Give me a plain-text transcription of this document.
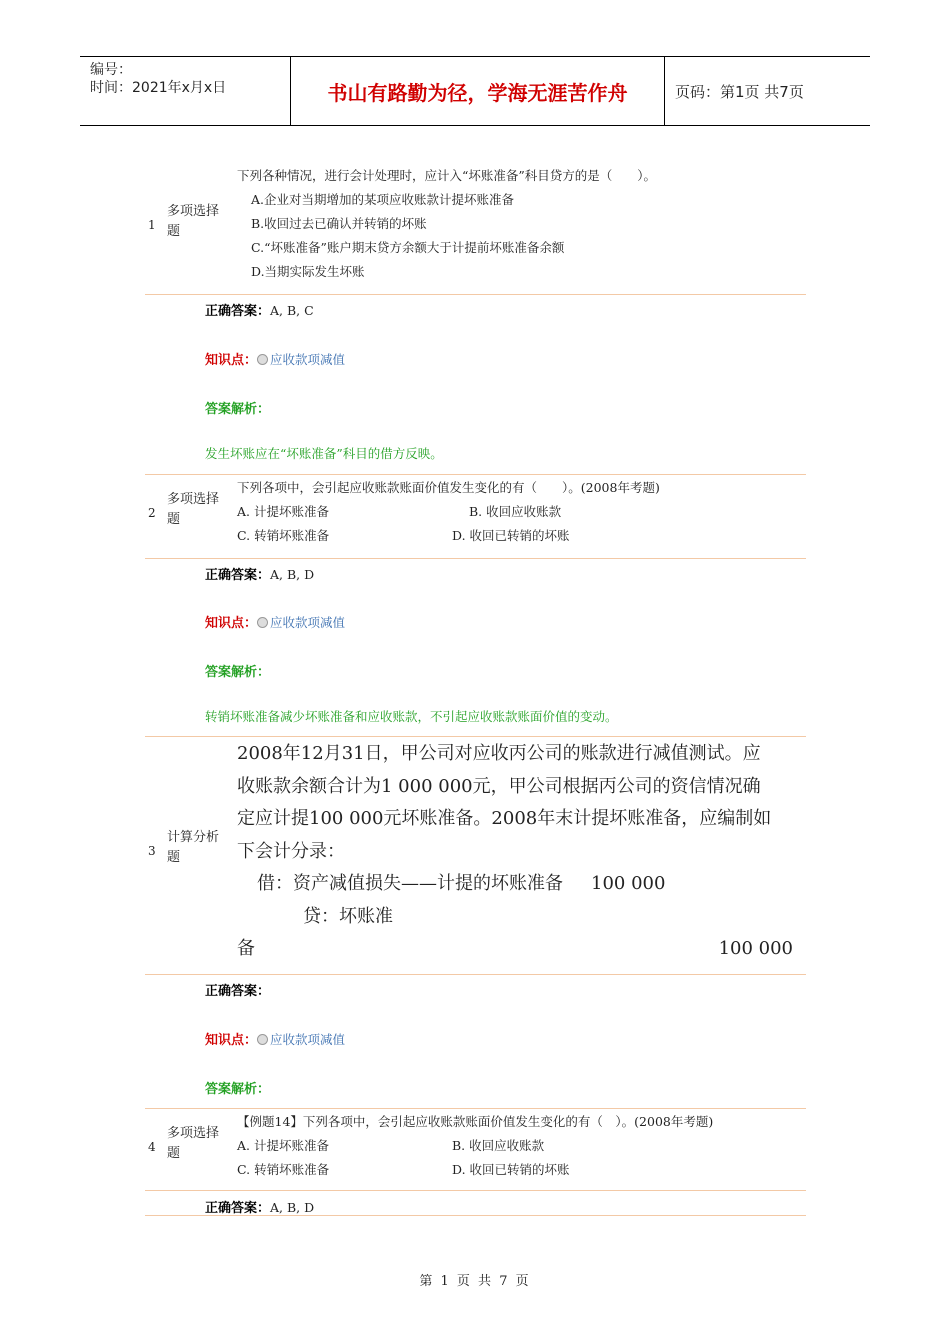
编号：
时间：2021年x月x日	书山有路勤为径，学海无涯苦作舟	页码：第1页 共7页
1
多项选择题
下列各种情况，进行会计处理时，应计入“坏账准备”科目贷方的是（　　）。
A.企业对当期增加的某项应收账款计提坏账准备
B.收回过去已确认并转销的坏账
C.“坏账准备”账户期末贷方余额大于计提前坏账准备余额
D.当期实际发生坏账
正确答案：A, B, C
知识点： 应收款项减值
答案解析：
发生坏账应在“坏账准备”科目的借方反映。
2
多项选择题
下列各项中，会引起应收账款账面价值发生变化的有（　　）。(2008年考题)
A. 计提坏账准备	B. 收回应收账款
C. 转销坏账准备	D. 收回已转销的坏账
正确答案：A, B, D
知识点： 应收款项减值
答案解析：
转销坏账准备减少坏账准备和应收账款，不引起应收账款账面价值的变动。
3
计算分析题
2008年12月31日，甲公司对应收丙公司的账款进行减值测试。应
收账款余额合计为1 000 000元，甲公司根据丙公司的资信情况确
定应计提100 000元坏账准备。2008年末计提坏账准备，应编制如
下会计分录：
借：资产减值损失——计提的坏账准备 100 000
贷：坏账准
备	100 000
正确答案：
知识点： 应收款项减值
答案解析：
4
多项选择题
【例题14】下列各项中，会引起应收账款账面价值发生变化的有（　）。(2008年考题)
A. 计提坏账准备	B. 收回应收账款
C. 转销坏账准备	D. 收回已转销的坏账
正确答案：A, B, D
第 1 页 共 7 页
